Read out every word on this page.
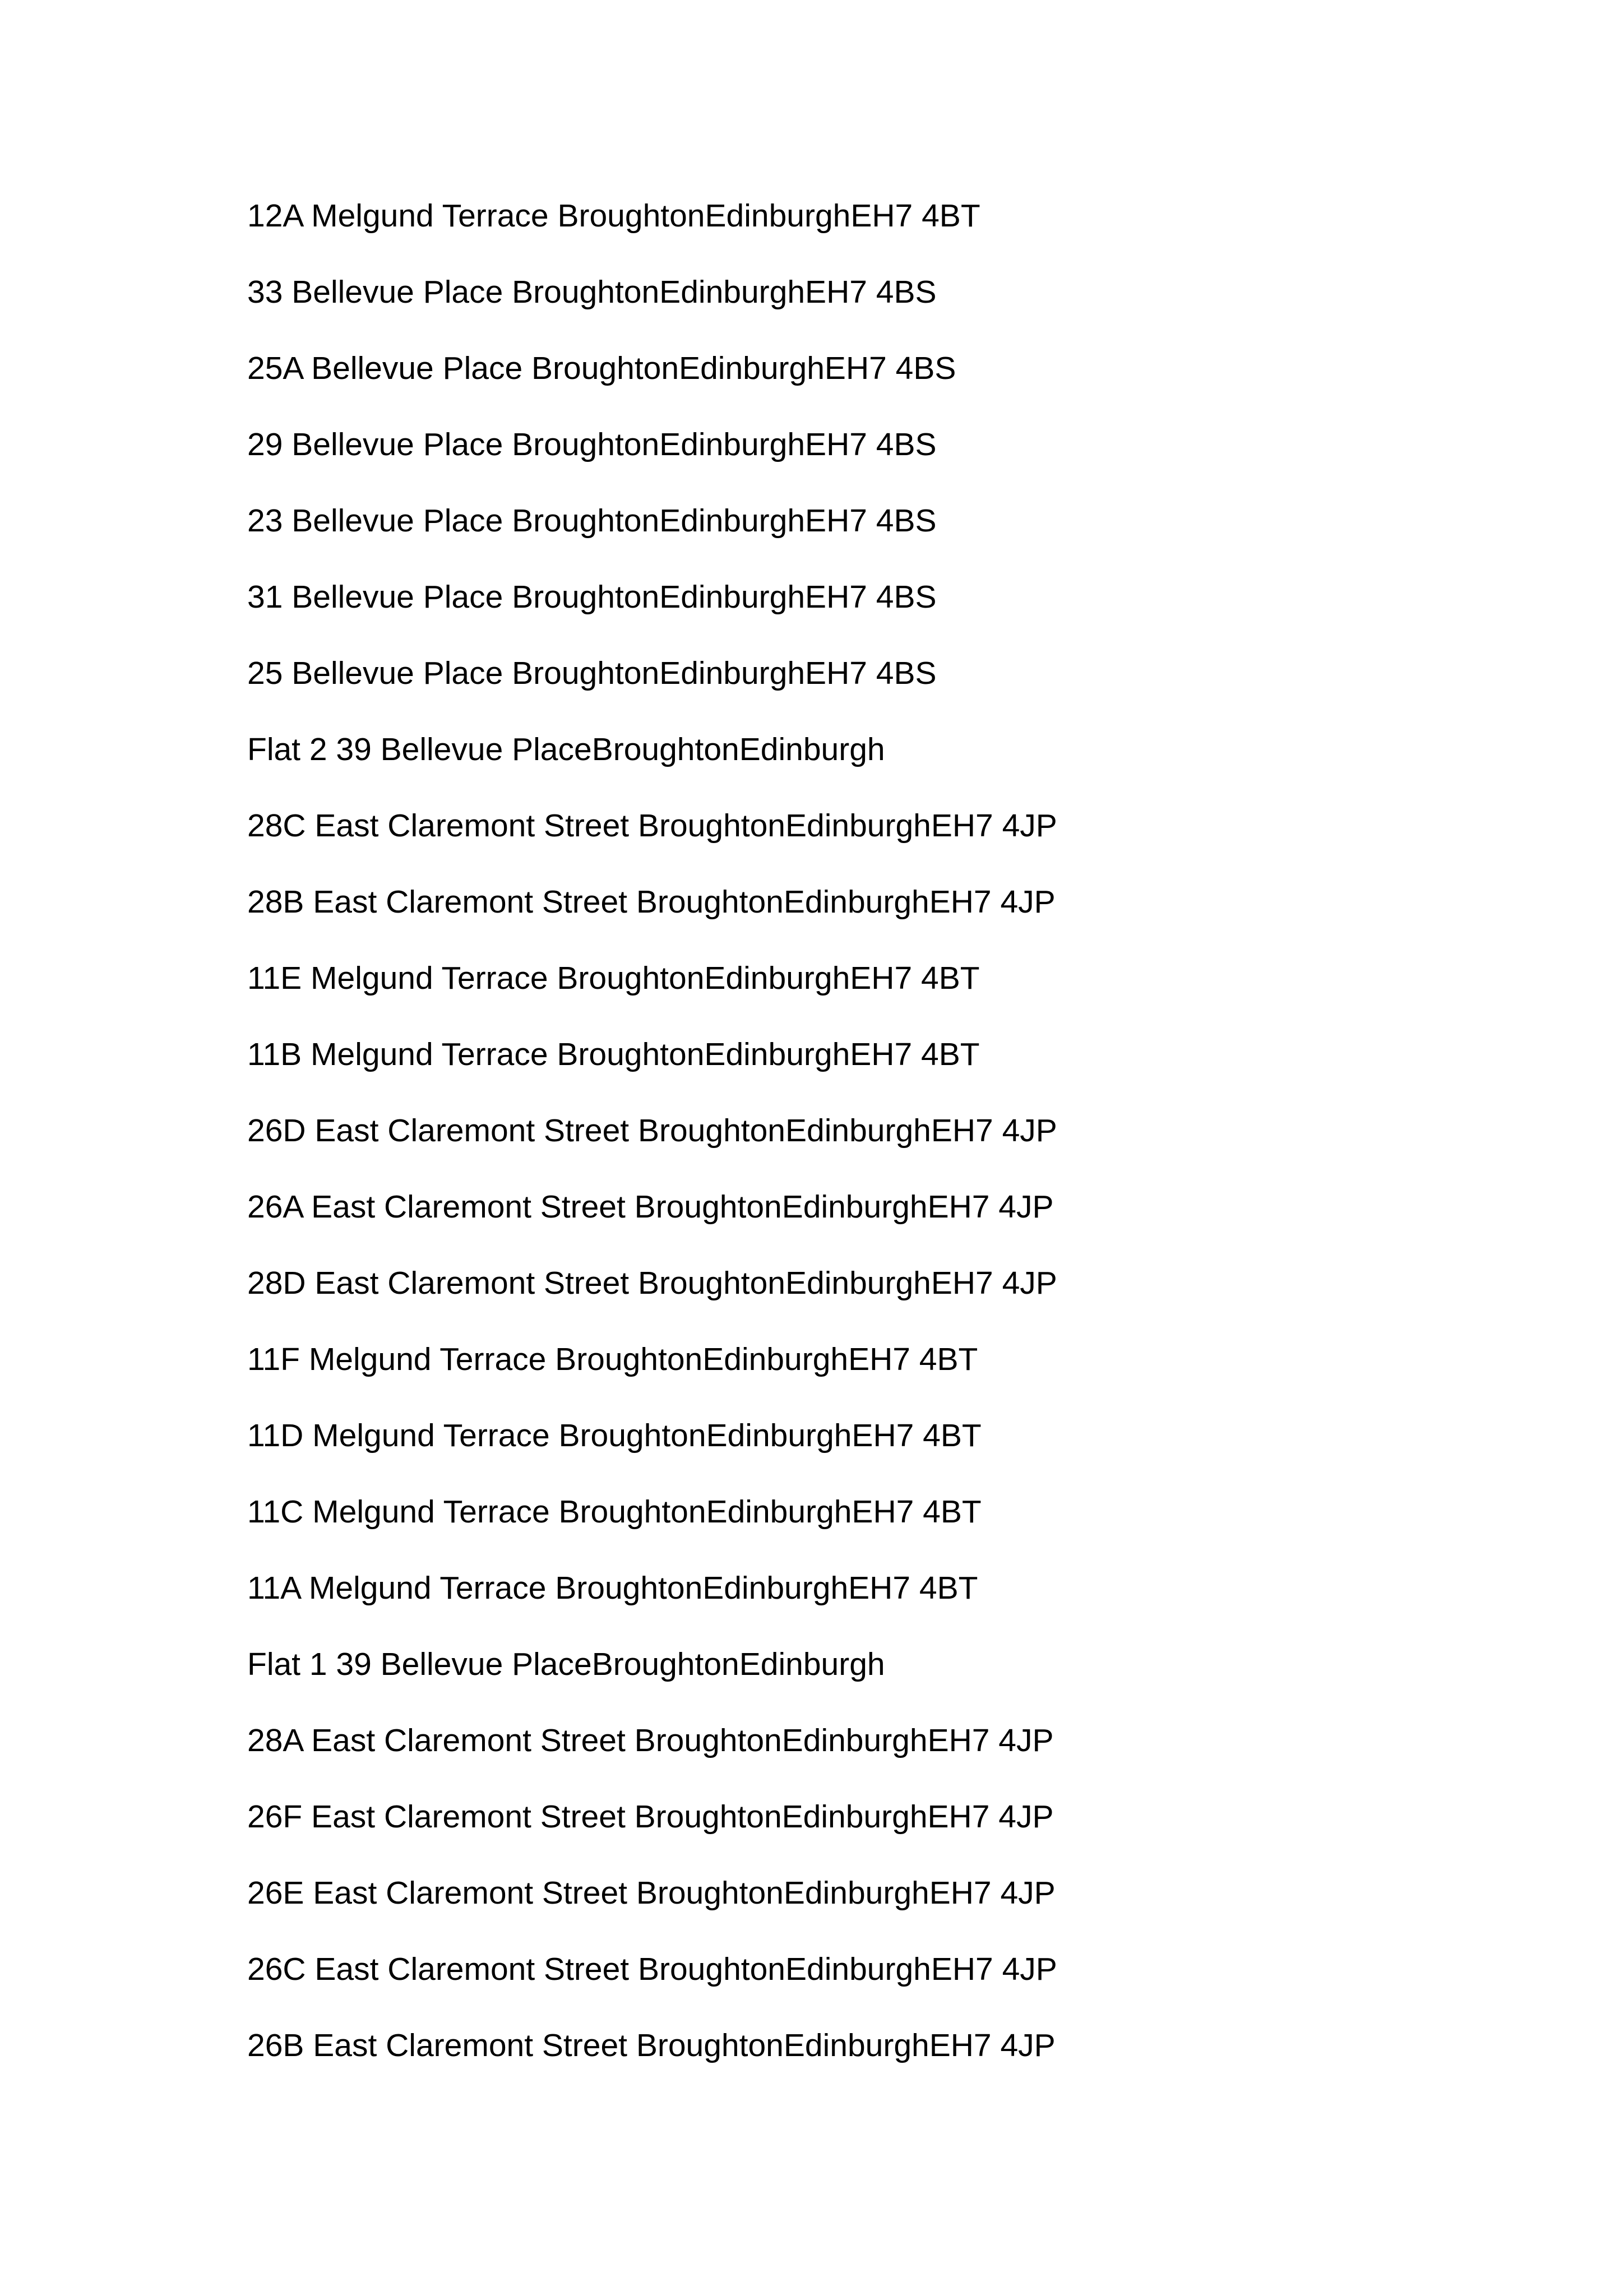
12A Melgund Terrace BroughtonEdinburghEH7 4BT
33 Bellevue Place BroughtonEdinburghEH7 4BS
25A Bellevue Place BroughtonEdinburghEH7 4BS
29 Bellevue Place BroughtonEdinburghEH7 4BS
23 Bellevue Place BroughtonEdinburghEH7 4BS
31 Bellevue Place BroughtonEdinburghEH7 4BS
25 Bellevue Place BroughtonEdinburghEH7 4BS
Flat 2 39 Bellevue PlaceBroughtonEdinburgh
28C East Claremont Street BroughtonEdinburghEH7 4JP
28B East Claremont Street BroughtonEdinburghEH7 4JP
11E Melgund Terrace BroughtonEdinburghEH7 4BT
11B Melgund Terrace BroughtonEdinburghEH7 4BT
26D East Claremont Street BroughtonEdinburghEH7 4JP
26A East Claremont Street BroughtonEdinburghEH7 4JP
28D East Claremont Street BroughtonEdinburghEH7 4JP
11F Melgund Terrace BroughtonEdinburghEH7 4BT
11D Melgund Terrace BroughtonEdinburghEH7 4BT
11C Melgund Terrace BroughtonEdinburghEH7 4BT
11A Melgund Terrace BroughtonEdinburghEH7 4BT
Flat 1 39 Bellevue PlaceBroughtonEdinburgh
28A East Claremont Street BroughtonEdinburghEH7 4JP
26F East Claremont Street BroughtonEdinburghEH7 4JP
26E East Claremont Street BroughtonEdinburghEH7 4JP
26C East Claremont Street BroughtonEdinburghEH7 4JP
26B East Claremont Street BroughtonEdinburghEH7 4JP
